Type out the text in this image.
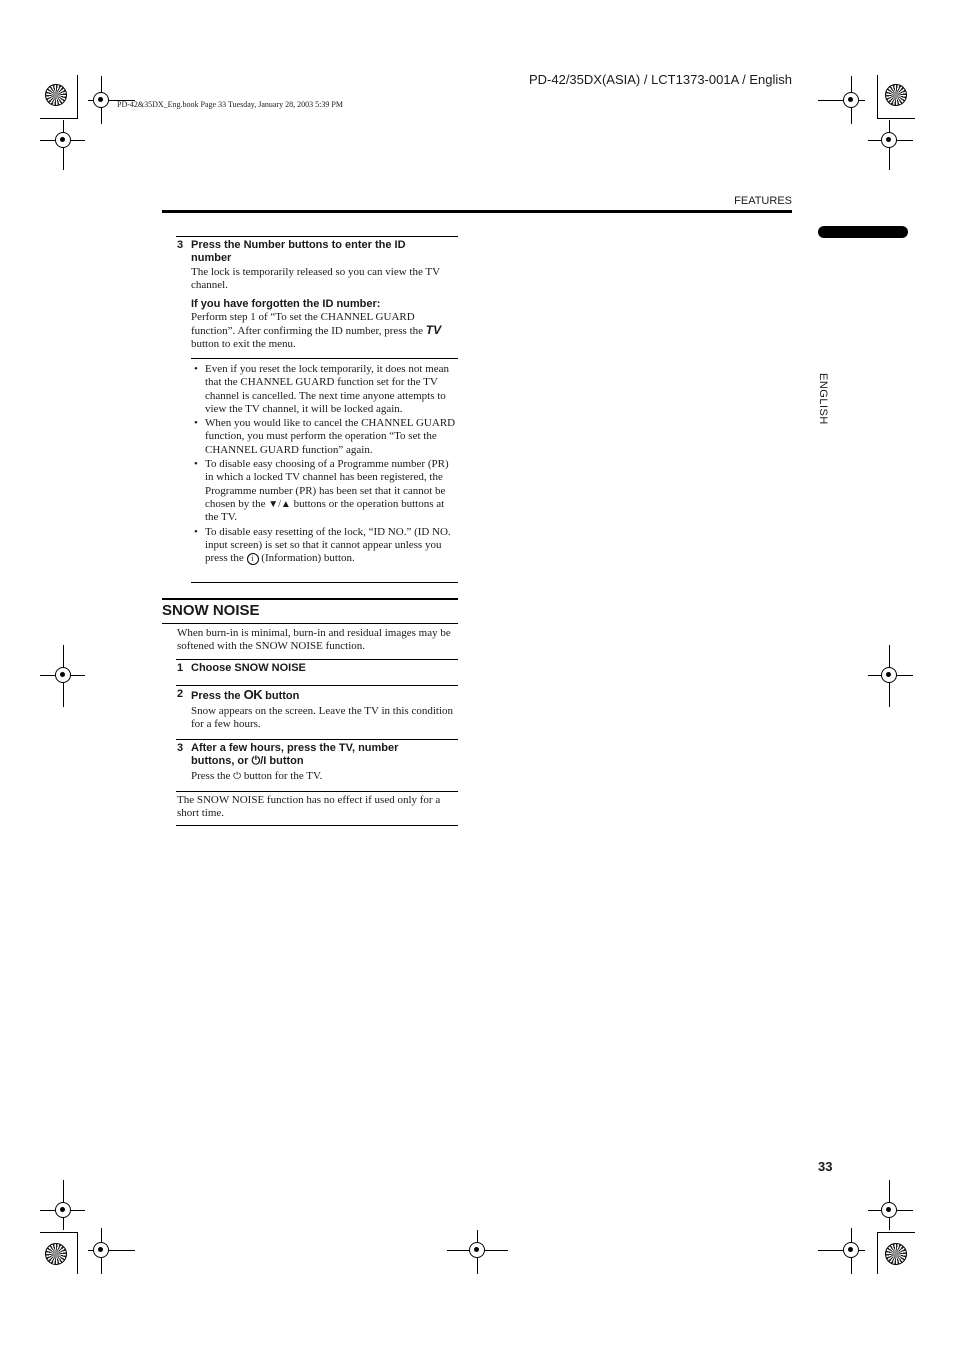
PD-42/35DX(ASIA) / LCT1373-001A / English
PD-42&35DX_Eng.book Page 33 Tuesday, January 28, 2003 5:39 PM
FEATURES
ENGLISH
3 Press the Number buttons to enter the ID number
The lock is temporarily released so you can view the TV channel.
If you have forgotten the ID number:
Perform step 1 of “To set the CHANNEL GUARD function”. After confirming the ID number, press the TV button to exit the menu.
• Even if you reset the lock temporarily, it does not mean that the CHANNEL GUARD function set for the TV channel is cancelled. The next time anyone attempts to view the TV channel, it will be locked again.
• When you would like to cancel the CHANNEL GUARD function, you must perform the operation “To set the CHANNEL GUARD function” again.
• To disable easy choosing of a Programme number (PR) in which a locked TV channel has been registered, the Programme number (PR) has been set that it cannot be chosen by the ▼/▲ buttons or the operation buttons at the TV.
• To disable easy resetting of the lock, “ID NO.” (ID NO. input screen) is set so that it cannot appear unless you press the i (Information) button.
SNOW NOISE
When burn-in is minimal, burn-in and residual images may be softened with the SNOW NOISE function.
1 Choose SNOW NOISE
2 Press the OK button
Snow appears on the screen. Leave the TV in this condition for a few hours.
3 After a few hours, press the TV, number buttons, or ⏻/I button
Press the ⏻ button for the TV.
The SNOW NOISE function has no effect if used only for a short time.
33
